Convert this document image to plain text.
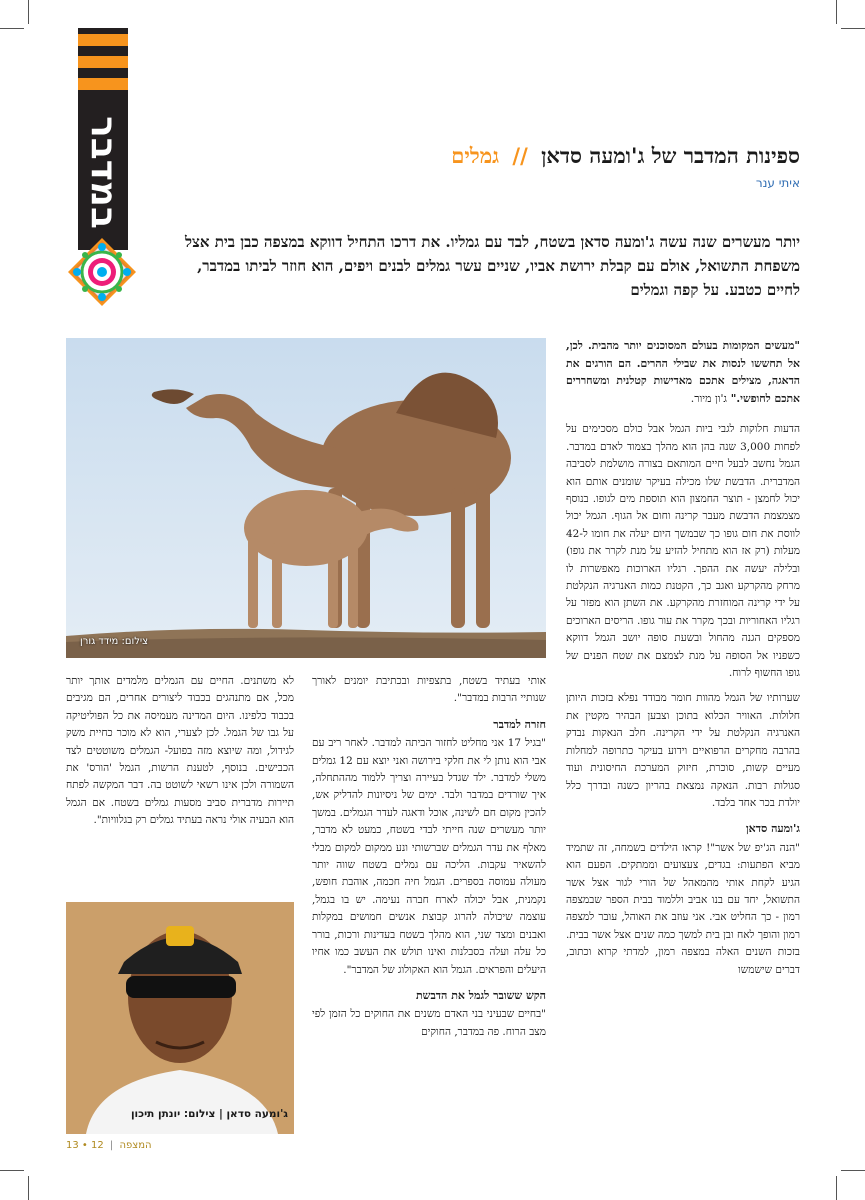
במדבר	ספינות המדבר של ג'ומעה סדאן // גמלים
איתי ענר
יותר מעשרים שנה עשה ג'ומעה סדאן בשטח, לבד עם גמליו. את דרכו התחיל דווקא במצפה כבן בית אצל משפחת התשואל, אולם עם קבלת ירושת אביו, שניים עשר גמלים לבנים ויפים, הוא חוזר לביתו במדבר, לחיים כטבע. על קפה וגמלים
צילום: מידד גורן
ג'ומעה סדאן | צילום: יונתן תיכון

"מעשים המקומות בעולם המסוכנים יותר מהבית. לכן, אל תחששו לנסות את שבילי ההרים. הם הורגים את הדאגה, מצילים אתכם מאדישות קטלנית ומשחררים אתכם לחופשי." ג'ון מיור.

הדעות חלוקות לגבי ביות הגמל אבל כולם מסכימים על לפחות 3,000 שנה בהן הוא מהלך בצמוד לאדם במדבר. הגמל נחשב לבעל חיים המותאם בצורה מושלמת לסביבה המדברית. הדבשת שלו מכילה בעיקר שומנים אותם הוא יכול לחמצן - תוצר החמצון הוא תוספת מים לגופו. בנוסף מצמצמת הדבשת מעבר קרינה וחום אל הגוף. הגמל יכול לווסת את חום גופו כך שבמשך היום יעלה את חומו ל-42 מעלות (רק אז הוא מתחיל להזיע על מנת לקרר את גופו) ובלילה יעשה את ההפך. רגליו הארוכות מאפשרות לו מרחק מהקרקע ואגב כך, הקטנת כמות האנרגיה הנקלטת על ידי קרינה המוחזרת מהקרקע. את השתן הוא מפזר על רגליו האחוריות ובכך מקרר את עור גופו. הריסים הארוכים מספקים הגנה מהחול ובשעת סופה יושב הגמל דווקא כשפניו אל הסופה על מנת לצמצם את שטח הפנים של גופו החשוף לרוח.

שערותיו של הגמל מהוות חומר מבודד נפלא בזכות היותן חלולות. האוויר הכלוא בתוכן וצבען הבהיר מקטין את האנרגיה הנקלטת על ידי הקרינה. חלב הנאקות נבדק בהרבה מחקרים הרפואיים וידוע בעיקר כתרופה למחלות מעיים קשות, סוכרת, חיזוק המערכת החיסונית ועוד סגולות רבות. הנאקה נמצאת בהריון כשנה ובדרך כלל יולדת בכר אחד בלבד.

ג'ומעה סדאן

"הנה הג'יפ של אשר"! קראו הילדים בשמחה, זה שתמיד מביא הפתעות: בגדים, צעצועים וממתקים. הפעם הוא הגיע לקחת אותי מהמאהל של הורי לגור אצל אשר התשואל, יחד עם בנו אביב וללמוד בבית הספר שבמצפה רמון - כך החליט אבי. אני עוזב את האוהל, עובר למצפה רמון והופך לאח ובן בית למשך כמה שנים אצל אשר בבית. בזכות השנים האלה במצפה רמון, למדתי קרוא וכתוב, דברים שישמשו

אותי בעתיד בשטח, בתצפיות ובכתיבת יומנים לאורך שנותיי הרבות במדבר".

חזרה למדבר

"בגיל 17 אני מחליט לחזור הביתה למדבר. לאחר ריב עם אבי הוא נותן לי את חלקי בירושה ואני יוצא עם 12 גמלים משלי למדבר. ילד שגדל בעיירה וצריך ללמוד מההתחלה, איך שורדים במדבר ולבד. ימים של ניסיונות להדליק אש, להכין מקום חם לשינה, אוכל ודאגה לעדר הגמלים. במשך יותר מעשרים שנה חייתי לבדי בשטח, כמעט לא מדבר, מאלף את עדר הגמלים שברשותי ונע ממקום למקום מבלי להשאיר עקבות. הליכה עם גמלים בשטח שווה יותר מעולה עמוסה בספרים. הגמל חיה חכמה, אוהבת חופש, נקמנית, אבל יכולה לארח חברה נעימה. יש בו בגמל, עוצמה שיכולה להרוג קבוצת אנשים חמושים במקלות ואבנים ומצד שני, הוא מהלך בשטח בעדינות ורכות, בורר כל עלה ועלה בסבלנות ואינו תולש את העשב כמו אחיו היעלים והפראים. הגמל הוא האקולוג של המדבר".

הקש ששובר לגמל את הדבשת

"בחיים שבעיני בני האדם משנים את החוקים כל הזמן לפי מצב הרוח. פה במדבר, החוקים

לא משתנים. החיים עם הגמלים מלמדים אותך יותר מכל, אם מתנהגים בכבוד ליצורים אחרים, הם מגיבים בכבוד כלפינו. היום המדינה מעמיסה את כל הפוליטיקה על גבו של הגמל. לכן לצערי, הוא לא מוכר כחיית משק לגידול, ומה שיוצא מזה בפועל- הגמלים משוטטים לצד הכבישים. בנוסף, לטענת הרשות, הגמל 'הורס' את השמורה ולכן אינו רשאי לשוטט בה. דבר המקשה לפתח תיירות מדברית סביב מסעות גמלים בשטח. אם הגמל הוא הבעיה אולי נראה בעתיד גמלים רק בגלוויות".

המצפה | 12 • 13
